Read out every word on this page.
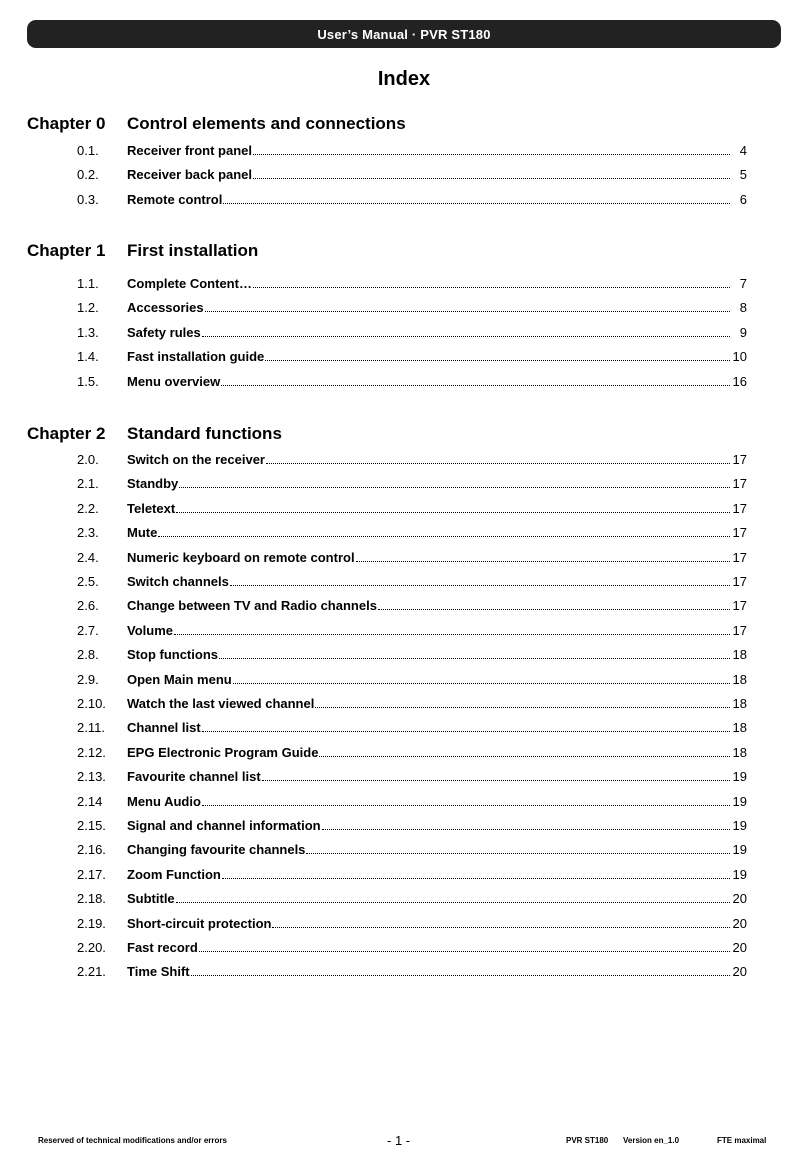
User’s Manual · PVR ST180
Index
Chapter 0 Control elements and connections
0.1. Receiver front panel	4
0.2. Receiver back panel	5
0.3. Remote control	6
Chapter 1 First installation
1.1. Complete Content…	7
1.2. Accessories	8
1.3. Safety rules	9
1.4. Fast installation guide	10
1.5. Menu overview	16
Chapter 2 Standard functions
2.0. Switch on the receiver	17
2.1. Standby	17
2.2. Teletext	17
2.3. Mute	17
2.4. Numeric keyboard on remote control	17
2.5. Switch channels	17
2.6. Change between TV and Radio channels	17
2.7. Volume	17
2.8. Stop functions	18
2.9. Open Main menu	18
2.10. Watch the last viewed channel	18
2.11. Channel list	18
2.12. EPG Electronic Program Guide	18
2.13. Favourite channel list	19
2.14 Menu Audio	19
2.15. Signal and channel information	19
2.16. Changing favourite channels	19
2.17. Zoom Function	19
2.18. Subtitle	20
2.19. Short-circuit protection	20
2.20. Fast record	20
2.21. Time Shift	20
Reserved of technical modifications and/or errors	- 1 -	PVR ST180 Version en_1.0	FTE maximal
